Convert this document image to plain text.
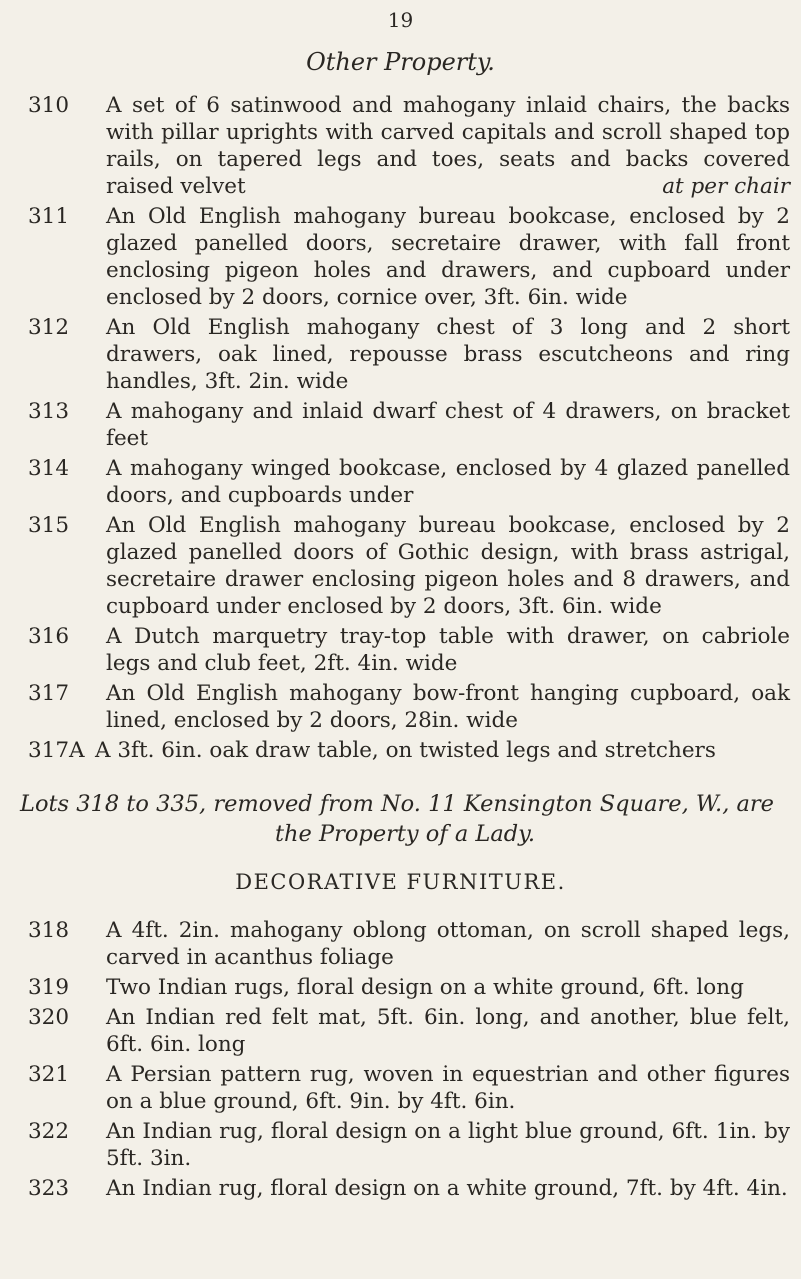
19
Other Property.
310 A set of 6 satinwood and mahogany inlaid chairs, the backs with pillar uprights with carved capitals and scroll shaped top rails, on tapered legs and toes, seats and backs covered raised velvet	at per chair
311 An Old English mahogany bureau bookcase, enclosed by 2 glazed panelled doors, secretaire drawer, with fall front enclosing pigeon holes and drawers, and cupboard under enclosed by 2 doors, cornice over, 3ft. 6in. wide
312 An Old English mahogany chest of 3 long and 2 short drawers, oak lined, repousse brass escutcheons and ring handles, 3ft. 2in. wide
313 A mahogany and inlaid dwarf chest of 4 drawers, on bracket feet
314 A mahogany winged bookcase, enclosed by 4 glazed panelled doors, and cupboards under
315 An Old English mahogany bureau bookcase, enclosed by 2 glazed panelled doors of Gothic design, with brass astrigal, secretaire drawer enclosing pigeon holes and 8 drawers, and cupboard under enclosed by 2 doors, 3ft. 6in. wide
316 A Dutch marquetry tray-top table with drawer, on cabriole legs and club feet, 2ft. 4in. wide
317 An Old English mahogany bow-front hanging cupboard, oak lined, enclosed by 2 doors, 28in. wide
317A A 3ft. 6in. oak draw table, on twisted legs and stretchers
Lots 318 to 335, removed from No. 11 Kensington Square, W., are
the Property of a Lady.
DECORATIVE FURNITURE.
318 A 4ft. 2in. mahogany oblong ottoman, on scroll shaped legs, carved in acanthus foliage
319 Two Indian rugs, floral design on a white ground, 6ft. long
320 An Indian red felt mat, 5ft. 6in. long, and another, blue felt, 6ft. 6in. long
321 A Persian pattern rug, woven in equestrian and other figures on a blue ground, 6ft. 9in. by 4ft. 6in.
322 An Indian rug, floral design on a light blue ground, 6ft. 1in. by 5ft. 3in.
323 An Indian rug, floral design on a white ground, 7ft. by 4ft. 4in.
